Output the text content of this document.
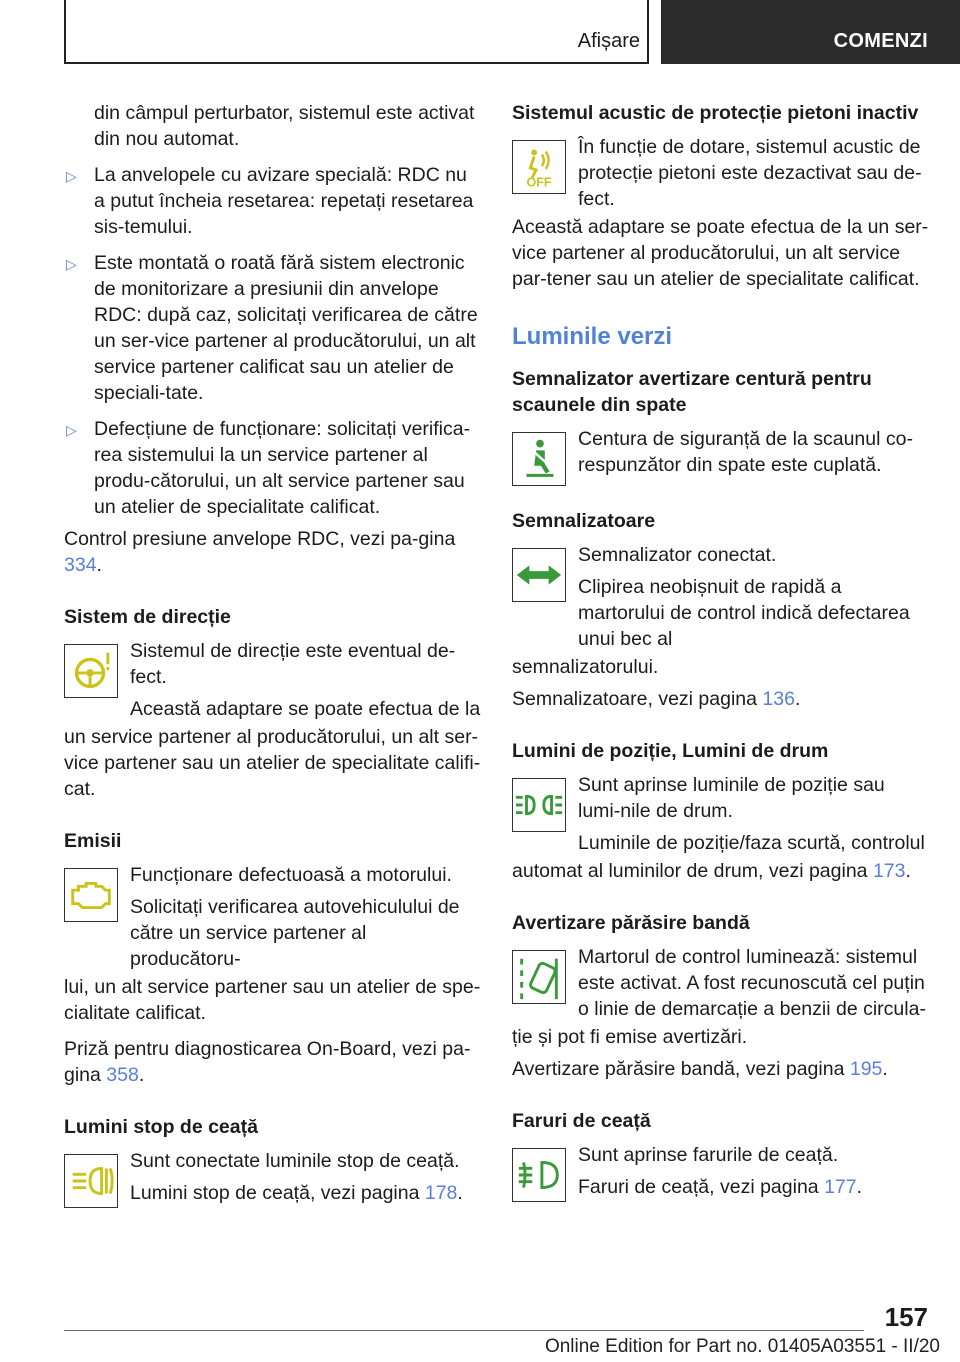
Afișare	COMENZI

din câmpul perturbator, sistemul este activat din nou automat.

▷ La anvelopele cu avizare specială: RDC nu a putut încheia resetarea: repetați resetarea sis-temului.
▷ Este montată o roată fără sistem electronic de monitorizare a presiunii din anvelope RDC: după caz, solicitați verificarea de către un ser-vice partener al producătorului, un alt service partener calificat sau un atelier de speciali-tate.
▷ Defecțiune de funcționare: solicitați verifica-rea sistemului la un service partener al produ-cătorului, un alt service partener sau un atelier de specialitate calificat.

Control presiune anvelope RDC, vezi pa-gina 334.

Sistem de direcție

Sistemul de direcție este eventual de-fect.

Această adaptare se poate efectua de la

un service partener al producătorului, un alt ser-vice partener sau un atelier de specialitate califi-cat.

Emisii

Funcționare defectuoasă a motorului.

Solicitați verificarea autovehiculului de către un service partener al producătoru-

lui, un alt service partener sau un atelier de spe-cialitate calificat.

Priză pentru diagnosticarea On-Board, vezi pa-gina 358.

Lumini stop de ceață

Sunt conectate luminile stop de ceață.

Lumini stop de ceață, vezi pagina 178.

Sistemul acustic de protecție pietoni inactiv

OFF

În funcție de dotare, sistemul acustic de protecție pietoni este dezactivat sau de-fect.

Această adaptare se poate efectua de la un ser-vice partener al producătorului, un alt service par-tener sau un atelier de specialitate calificat.

Luminile verzi

Semnalizator avertizare centură pentru scaunele din spate

Centura de siguranță de la scaunul co-respunzător din spate este cuplată.

Semnalizatoare

Semnalizator conectat.

Clipirea neobișnuit de rapidă a martorului de control indică defectarea unui bec al

semnalizatorului.

Semnalizatoare, vezi pagina 136.

Lumini de poziție, Lumini de drum

Sunt aprinse luminile de poziție sau lumi-nile de drum.

Luminile de poziție/faza scurtă, controlul

automat al luminilor de drum, vezi pagina 173.

Avertizare părăsire bandă

Martorul de control luminează: sistemul este activat. A fost recunoscută cel puțin o linie de demarcație a benzii de circula-

ție și pot fi emise avertizări.

Avertizare părăsire bandă, vezi pagina 195.

Faruri de ceață

Sunt aprinse farurile de ceață.

Faruri de ceață, vezi pagina 177.

157
Online Edition for Part no. 01405A03551 - II/20
